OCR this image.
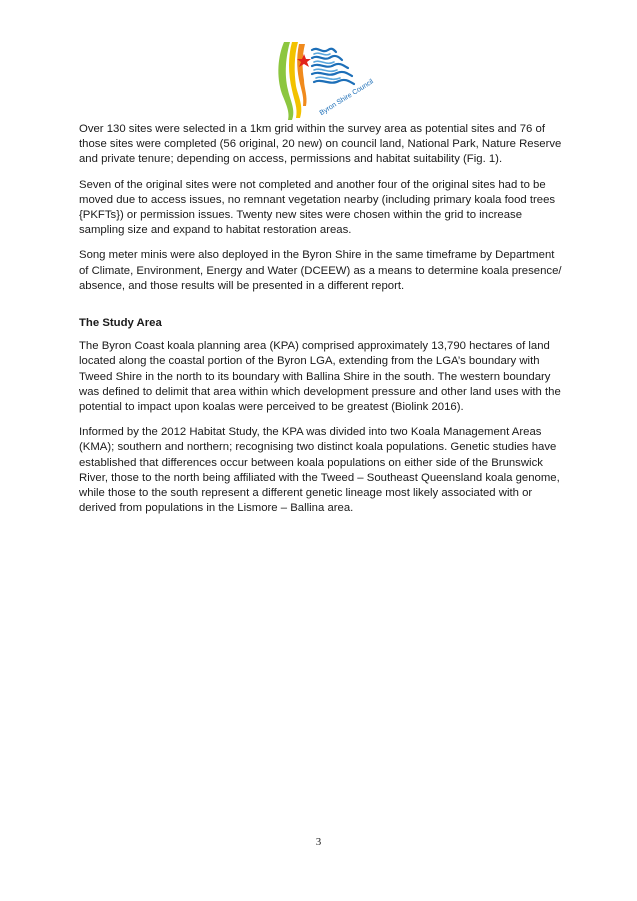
Byron Shire Council

Over 130 sites were selected in a 1km grid within the survey area as potential sites and 76 of those sites were completed (56 original, 20 new) on council land, National Park, Nature Reserve and private tenure; depending on access, permissions and habitat suitability (Fig. 1).

Seven of the original sites were not completed and another four of the original sites had to be moved due to access issues, no remnant vegetation nearby (including primary koala food trees {PKFTs}) or permission issues. Twenty new sites were chosen within the grid to increase sampling size and expand to habitat restoration areas.

Song meter minis were also deployed in the Byron Shire in the same timeframe by Department of Climate, Environment, Energy and Water (DCEEW) as a means to determine koala presence/ absence, and those results will be presented in a different report.

The Study Area

The Byron Coast koala planning area (KPA) comprised approximately 13,790 hectares of land located along the coastal portion of the Byron LGA, extending from the LGA’s boundary with Tweed Shire in the north to its boundary with Ballina Shire in the south. The western boundary was defined to delimit that area within which development pressure and other land uses with the potential to impact upon koalas were perceived to be greatest (Biolink 2016).

Informed by the 2012 Habitat Study, the KPA was divided into two Koala Management Areas (KMA); southern and northern; recognising two distinct koala populations. Genetic studies have established that differences occur between koala populations on either side of the Brunswick River, those to the north being affiliated with the Tweed – Southeast Queensland koala genome, while those to the south represent a different genetic lineage most likely associated with or derived from populations in the Lismore – Ballina area.

3
